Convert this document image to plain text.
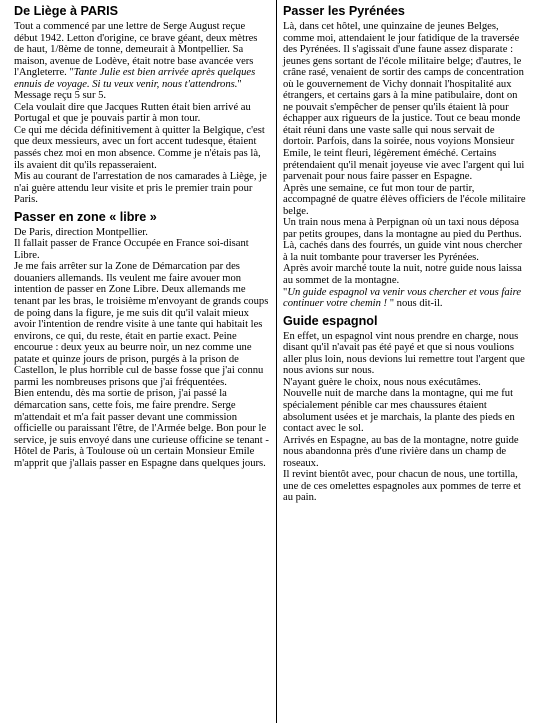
De Liège à PARIS

Tout a commencé par une lettre de Serge August reçue début 1942. Letton d'origine, ce brave géant, deux mètres de haut, 1/8ème de tonne, demeurait à Montpellier. Sa maison, avenue de Lodève, était notre base avancée vers l'Angleterre. "Tante Julie est bien arrivée après quelques ennuis de voyage. Si tu veux venir, nous t'attendrons." Message reçu 5 sur 5.

Cela voulait dire que Jacques Rutten était bien arrivé au Portugal et que je pouvais partir à mon tour.

Ce qui me décida définitivement à quitter la Belgique, c'est que deux messieurs, avec un fort accent tudesque, étaient passés chez moi en mon absence. Comme je n'étais pas là, ils avaient dit qu'ils repasseraient.

Mis au courant de l'arrestation de nos camarades à Liège, je n'ai guère attendu leur visite et pris le premier train pour Paris.

Passer en zone « libre »

De Paris, direction Montpellier.

Il fallait passer de France Occupée en France soi-disant Libre.

Je me fais arrêter sur la Zone de Démarcation par des douaniers allemands. Ils veulent me faire avouer mon intention de passer en Zone Libre. Deux allemands me tenant par les bras, le troisième m'envoyant de grands coups de poing dans la figure, je me suis dit qu'il valait mieux avoir l'intention de rendre visite à une tante qui habitait les environs, ce qui, du reste, était en partie exact. Peine encourue : deux yeux au beurre noir, un nez comme une patate et quinze jours de prison, purgés à la prison de Castellon, le plus horrible cul de basse fosse que j'ai connu parmi les nombreuses prisons que j'ai fréquentées.

Bien entendu, dès ma sortie de prison, j'ai passé la démarcation sans, cette fois, me faire prendre. Serge m'attendait et m'a fait passer devant une commission officielle ou paraissant l'être, de l'Armée belge. Bon pour le service, je suis envoyé dans une curieuse officine se tenant - Hôtel de Paris, à Toulouse où un certain Monsieur Emile m'apprit que j'allais passer en Espagne dans quelques jours.

Passer les Pyrénées

Là, dans cet hôtel, une quinzaine de jeunes Belges, comme moi, attendaient le jour fatidique de la traversée des Pyrénées. Il s'agissait d'une faune assez disparate : jeunes gens sortant de l'école militaire belge; d'autres, le crâne rasé, venaient de sortir des camps de concentration où le gouvernement de Vichy donnait l'hospitalité aux étrangers, et certains gars à la mine patibulaire, dont on ne pouvait s'empêcher de penser qu'ils étaient là pour échapper aux rigueurs de la justice. Tout ce beau monde était réuni dans une vaste salle qui nous servait de dortoir. Parfois, dans la soirée, nous voyions Monsieur Emile, le teint fleuri, légèrement éméché. Certains prétendaient qu'il menait joyeuse vie avec l'argent qui lui parvenait pour nous faire passer en Espagne.

Après une semaine, ce fut mon tour de partir, accompagné de quatre élèves officiers de l'école militaire belge.

Un train nous mena à Perpignan où un taxi nous déposa par petits groupes, dans la montagne au pied du Perthus. Là, cachés dans des fourrés, un guide vint nous chercher à la nuit tombante pour traverser les Pyrénées.

Après avoir marché toute la nuit, notre guide nous laissa au sommet de la montagne.

"Un guide espagnol va venir vous chercher et vous faire continuer votre chemin ! " nous dit-il.

Guide espagnol

En effet, un espagnol vint nous prendre en charge, nous disant qu'il n'avait pas été payé et que si nous voulions aller plus loin, nous devions lui remettre tout l'argent que nous avions sur nous.

N'ayant guère le choix, nous nous exécutâmes.

Nouvelle nuit de marche dans la montagne, qui me fut spécialement pénible car mes chaussures étaient absolument usées et je marchais, la plante des pieds en contact avec le sol.

Arrivés en Espagne, au bas de la montagne, notre guide nous abandonna près d'une rivière dans un champ de roseaux.

Il revint bientôt avec, pour chacun de nous, une tortilla, une de ces omelettes espagnoles aux pommes de terre et au pain.
